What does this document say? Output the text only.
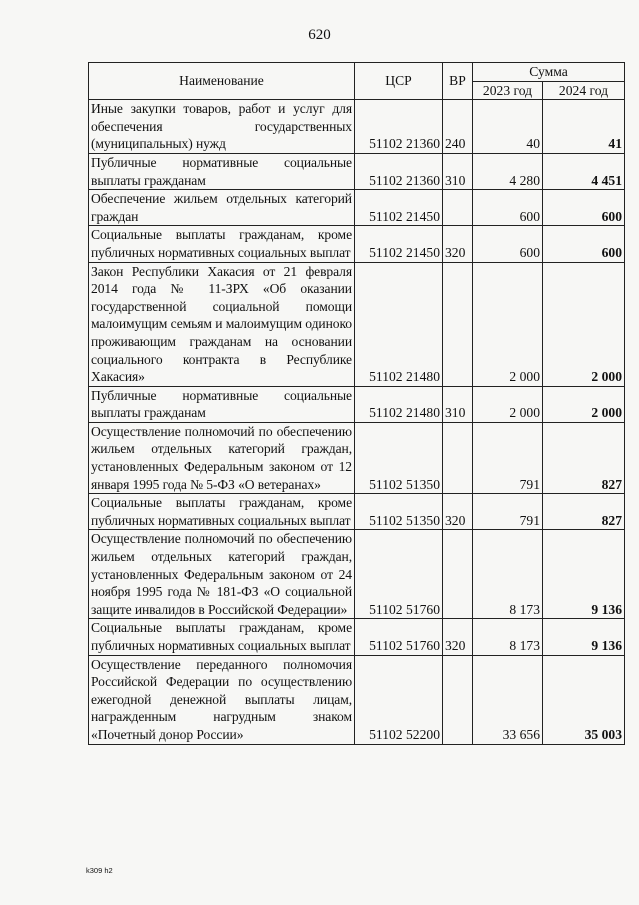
620
Наименование	ЦСР	ВР	Сумма	
			2023 год	2024 год
Иные закупки товаров, работ и услуг для обеспечения государственных (муниципальных) нужд	51102 21360	240	40	41
Публичные нормативные социальные выплаты гражданам	51102 21360	310	4 280	4 451
Обеспечение жильем отдельных категорий граждан	51102 21450		600	600
Социальные выплаты гражданам, кроме публичных нормативных социальных выплат	51102 21450	320	600	600
Закон Республики Хакасия от 21 февраля 2014 года № 11-ЗРХ «Об оказании государственной социальной помощи малоимущим семьям и малоимущим одиноко проживающим гражданам на основании социального контракта в Республике Хакасия»	51102 21480		2 000	2 000
Публичные нормативные социальные выплаты гражданам	51102 21480	310	2 000	2 000
Осуществление полномочий по обеспечению жильем отдельных категорий граждан, установленных Федеральным законом от 12 января 1995 года № 5-ФЗ «О ветеранах»	51102 51350		791	827
Социальные выплаты гражданам, кроме публичных нормативных социальных выплат	51102 51350	320	791	827
Осуществление полномочий по обеспечению жильем отдельных категорий граждан, установленных Федеральным законом от 24 ноября 1995 года № 181-ФЗ «О социальной защите инвалидов в Российской Федерации»	51102 51760		8 173	9 136
Социальные выплаты гражданам, кроме публичных нормативных социальных выплат	51102 51760	320	8 173	9 136
Осуществление переданного полномочия Российской Федерации по осуществлению ежегодной денежной выплаты лицам, награжденным нагрудным знаком «Почетный донор России»	51102 52200		33 656	35 003
k309 h2
